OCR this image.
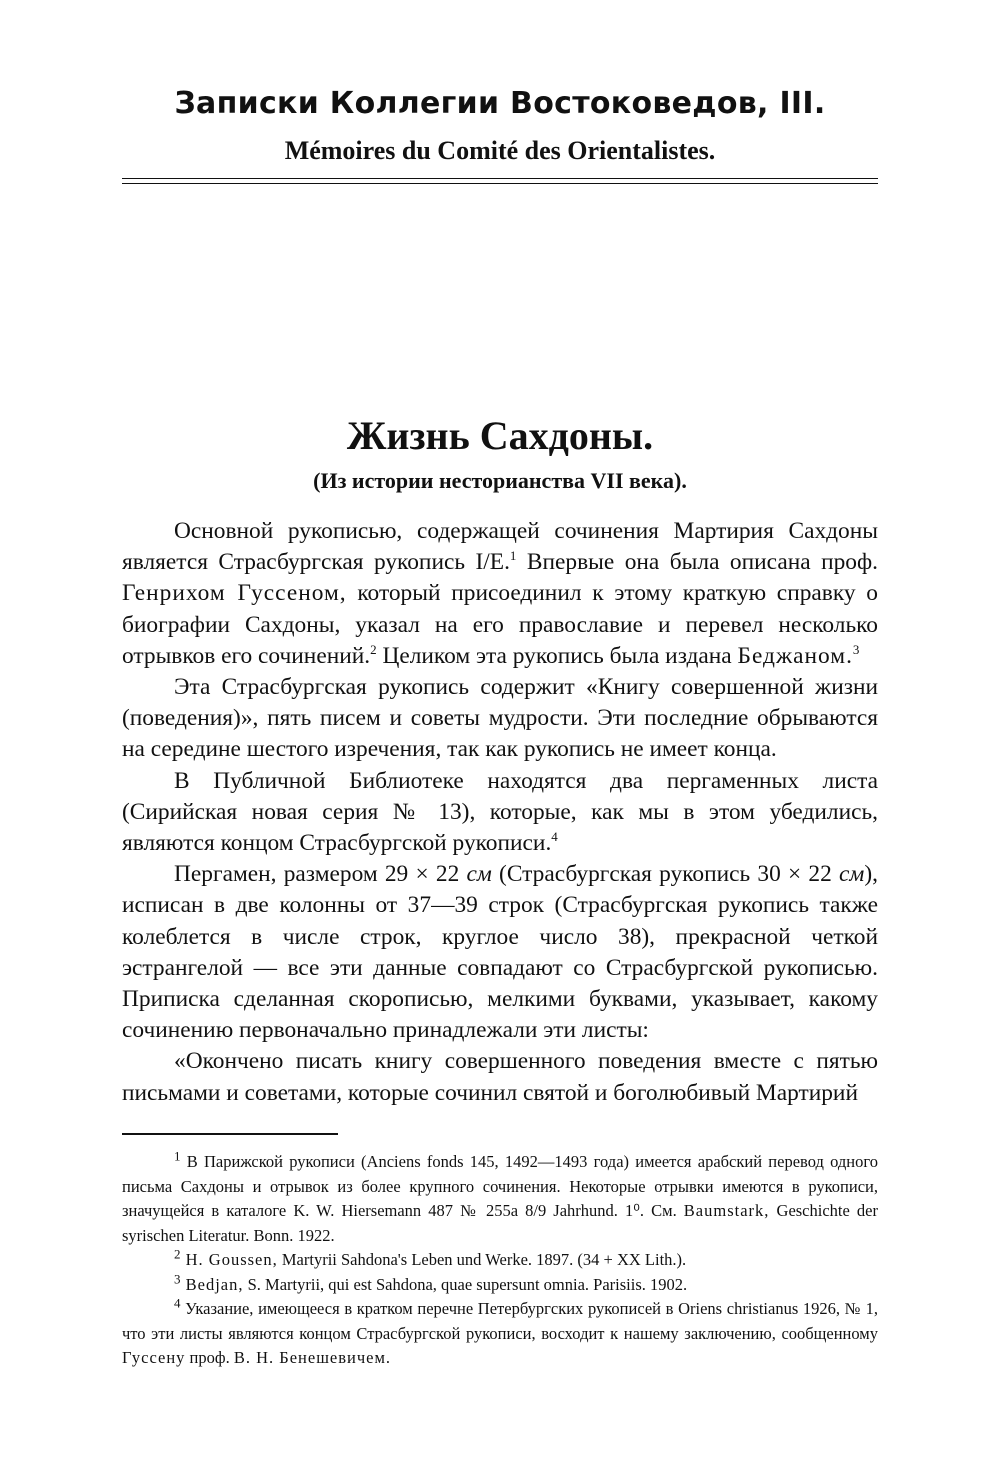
Записки Коллегии Востоковедов, III.
Mémoires du Comité des Orientalistes.
Жизнь Сахдоны.
(Из истории несторианства VII века).

Основной рукописью, содержащей сочинения Мартирия Сахдоны является Страсбургская рукопись I/E.$^1$ Впервые она была описана проф. Генрихом Гуссеном, который присоединил к этому краткую справку о биографии Сахдоны, указал на его православие и перевел несколько отрывков его сочинений.$^2$ Целиком эта рукопись была издана Беджаном.$^3$

Эта Страсбургская рукопись содержит «Книгу совершенной жизни (поведения)», пять писем и советы мудрости. Эти последние обрываются на середине шестого изречения, так как рукопись не имеет конца.

В Публичной Библиотеке находятся два пергаменных листа (Сирийская новая серия № 13), которые, как мы в этом убедились, являются концом Страсбургской рукописи.$^4$

Пергамен, размером 29 × 22 см (Страсбургская рукопись 30 × 22 см), исписан в две колонны от 37—39 строк (Страсбургская рукопись также колеблется в числе строк, круглое число 38), прекрасной четкой эстрангелой — все эти данные совпадают со Страсбургской рукописью. Приписка сделанная скорописью, мелкими буквами, указывает, какому сочинению первоначально принадлежали эти листы:

«Окончено писать книгу совершенного поведения вместе с пятью письмами и советами, которые сочинил святой и боголюбивый Мартирий

$^1$ В Парижской рукописи (Anciens fonds 145, 1492—1493 года) имеется арабский перевод одного письма Сахдоны и отрывок из более крупного сочинения. Некоторые отрывки имеются в рукописи, значущейся в каталоге K. W. Hiersemann 487 № 255a 8/9 Jahrhund. 1⁰. См. Baumstark, Geschichte der syrischen Literatur. Bonn. 1922.

$^2$ H. Goussen, Martyrii Sahdona's Leben und Werke. 1897. (34 + XX Lith.).

$^3$ Bedjan, S. Martyrii, qui est Sahdona, quae supersunt omnia. Parisiis. 1902.

$^4$ Указание, имеющееся в кратком перечне Петербургских рукописей в Oriens christianus 1926, № 1, что эти листы являются концом Страсбургской рукописи, восходит к нашему заключению, сообщенному Гуссену проф. В. Н. Бенешевичем.
